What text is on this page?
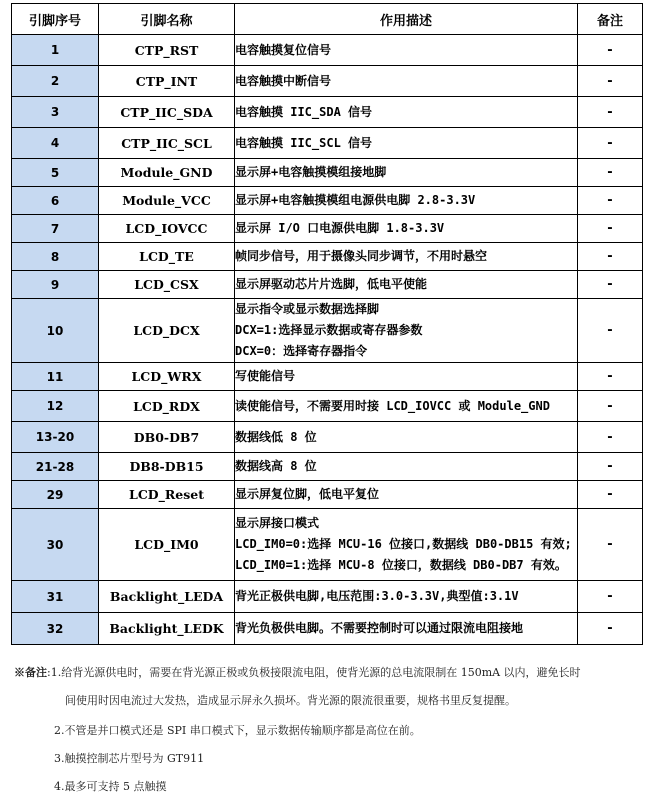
引脚序号	引脚名称	作用描述	备注
1	CTP_RST	电容触摸复位信号	-
2	CTP_INT	电容触摸中断信号	-
3	CTP_IIC_SDA	电容触摸 IIC_SDA 信号	-
4	CTP_IIC_SCL	电容触摸 IIC_SCL 信号	-
5	Module_GND	显示屏+电容触摸模组接地脚	-
6	Module_VCC	显示屏+电容触摸模组电源供电脚 2.8-3.3V	-
7	LCD_IOVCC	显示屏 I/O 口电源供电脚 1.8-3.3V	-
8	LCD_TE	帧同步信号，用于摄像头同步调节，不用时悬空	-
9	LCD_CSX	显示屏驱动芯片片选脚，低电平使能	-
10	LCD_DCX	显示指令或显示数据选择脚
DCX=1:选择显示数据或寄存器参数
DCX=0：选择寄存器指令	-
11	LCD_WRX	写使能信号	-
12	LCD_RDX	读使能信号，不需要用时接 LCD_IOVCC 或 Module_GND	-
13-20	DB0-DB7	数据线低 8 位	-
21-28	DB8-DB15	数据线高 8 位	-
29	LCD_Reset	显示屏复位脚，低电平复位	-
30	LCD_IM0	显示屏接口模式
LCD_IM0=0:选择 MCU-16 位接口,数据线 DB0-DB15 有效;
LCD_IM0=1:选择 MCU-8 位接口，数据线 DB0-DB7 有效。	-
31	Backlight_LEDA	背光正极供电脚,电压范围:3.0-3.3V,典型值:3.1V	-
32	Backlight_LEDK	背光负极供电脚。不需要控制时可以通过限流电阻接地	-
※备注:1.给背光源供电时，需要在背光源正极或负极接限流电阻，使背光源的总电流限制在 150mA 以内，避免长时
间使用时因电流过大发热，造成显示屏永久损坏。背光源的限流很重要，规格书里反复提醒。
2.不管是并口模式还是 SPI 串口模式下，显示数据传输顺序都是高位在前。
3.触摸控制芯片型号为 GT911
4.最多可支持 5 点触摸
